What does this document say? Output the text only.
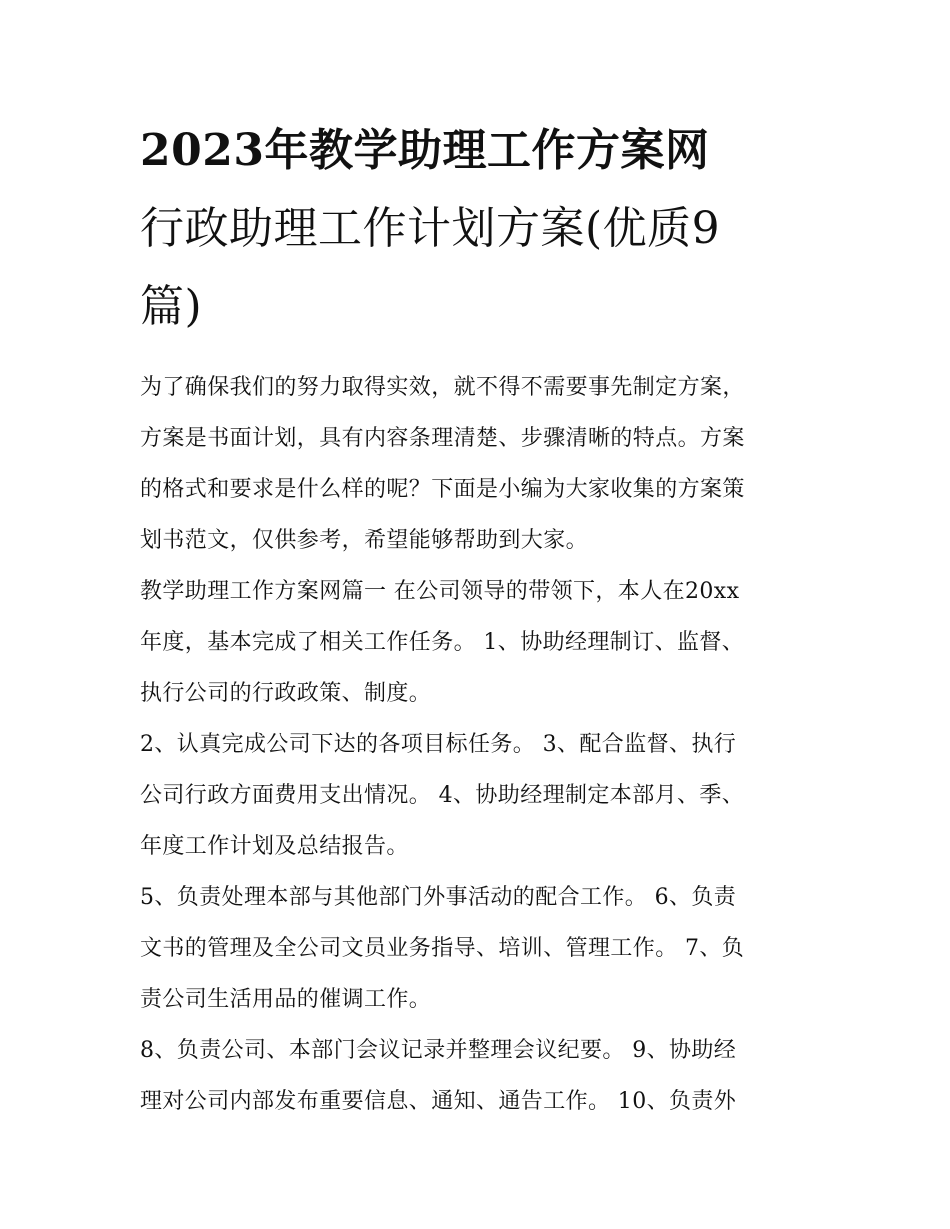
2023年教学助理工作方案网
行政助理工作计划方案(优质9
篇)

为了确保我们的努力取得实效，就不得不需要事先制定方案，
方案是书面计划，具有内容条理清楚、步骤清晰的特点。方案
的格式和要求是什么样的呢？下面是小编为大家收集的方案策
划书范文，仅供参考，希望能够帮助到大家。

教学助理工作方案网篇一 在公司领导的带领下，本人在20xx
年度，基本完成了相关工作任务。 1、协助经理制订、监督、
执行公司的行政政策、制度。

2、认真完成公司下达的各项目标任务。 3、配合监督、执行
公司行政方面费用支出情况。 4、协助经理制定本部月、季、
年度工作计划及总结报告。

5、负责处理本部与其他部门外事活动的配合工作。 6、负责
文书的管理及全公司文员业务指导、培训、管理工作。 7、负
责公司生活用品的催调工作。

8、负责公司、本部门会议记录并整理会议纪要。 9、协助经
理对公司内部发布重要信息、通知、通告工作。 10、负责外
